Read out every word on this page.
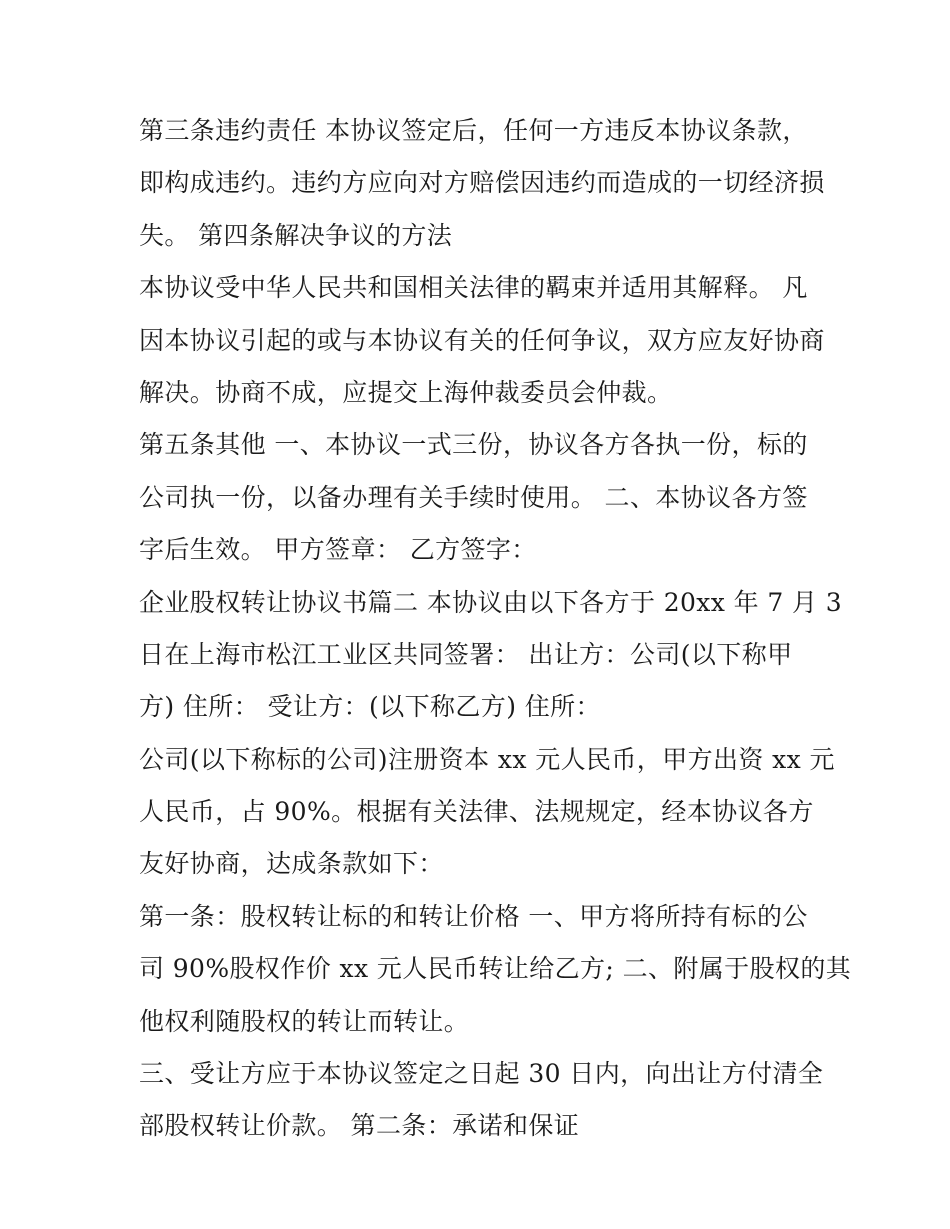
第三条违约责任 本协议签定后，任何一方违反本协议条款，
即构成违约。违约方应向对方赔偿因违约而造成的一切经济损
失。 第四条解决争议的方法
本协议受中华人民共和国相关法律的羁束并适用其解释。 凡
因本协议引起的或与本协议有关的任何争议，双方应友好协商
解决。协商不成，应提交上海仲裁委员会仲裁。
第五条其他 一、本协议一式三份，协议各方各执一份，标的
公司执一份，以备办理有关手续时使用。 二、本协议各方签
字后生效。 甲方签章： 乙方签字：
企业股权转让协议书篇二 本协议由以下各方于 20xx 年 7 月 3
日在上海市松江工业区共同签署： 出让方：公司(以下称甲
方) 住所： 受让方：(以下称乙方) 住所：
公司(以下称标的公司)注册资本 xx 元人民币，甲方出资 xx 元
人民币，占 90%。根据有关法律、法规规定，经本协议各方
友好协商，达成条款如下：
第一条：股权转让标的和转让价格 一、甲方将所持有标的公
司 90%股权作价 xx 元人民币转让给乙方; 二、附属于股权的其
他权利随股权的转让而转让。
三、受让方应于本协议签定之日起 30 日内，向出让方付清全
部股权转让价款。 第二条：承诺和保证
